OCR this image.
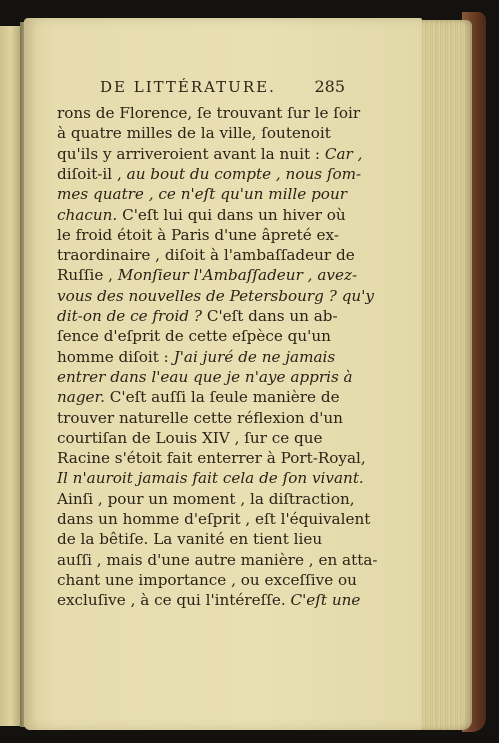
DE LITTÉRATURE. 285
rons de Florence, ſe trouvant ſur le ſoir
à quatre milles de la ville, ſoutenoit
qu'ils y arriveroient avant la nuit : Car ,
diſoit-il , au bout du compte , nous ſom-
mes quatre , ce n'eſt qu'un mille pour
chacun. C'eſt lui qui dans un hiver où
le froid étoit à Paris d'une âpreté ex-
traordinaire , diſoit à l'ambaſſadeur de
Ruſſie , Monſieur l'Ambaſſadeur , avez-
vous des nouvelles de Petersbourg ? qu'y
dit-on de ce froid ? C'eſt dans un ab-
ſence d'eſprit de cette eſpèce qu'un
homme diſoit : J'ai juré de ne jamais
entrer dans l'eau que je n'aye appris à
nager. C'eſt auſſi la ſeule manière de
trouver naturelle cette réflexion d'un
courtiſan de Louis XIV , ſur ce que
Racine s'étoit fait enterrer à Port-Royal,
Il n'auroit jamais fait cela de ſon vivant.
Ainſi , pour un moment , la diſtraction,
dans un homme d'eſprit , eſt l'équivalent
de la bêtiſe. La vanité en tient lieu
auſſi , mais d'une autre manière , en atta-
chant une importance , ou exceſſive ou
excluſive , à ce qui l'intéreſſe. C'eſt une
